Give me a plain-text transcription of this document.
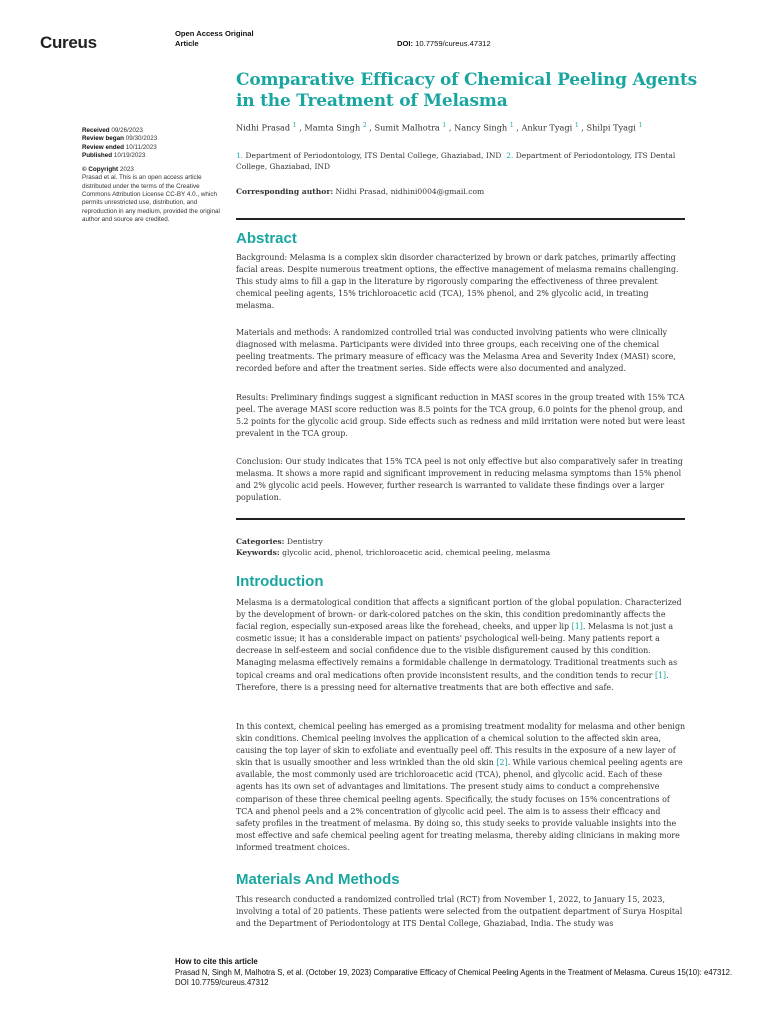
Cureus	Open Access Original
Article	DOI: 10.7759/cureus.47312
Comparative Efficacy of Chemical Peeling Agents in the Treatment of Melasma
Nidhi Prasad $^1$ , Mamta Singh $^2$ , Sumit Malhotra $^1$ , Nancy Singh $^1$ , Ankur Tyagi $^1$ , Shilpi Tyagi $^1$
1. Department of Periodontology, ITS Dental College, Ghaziabad, IND 2. Department of Periodontology, ITS Dental College, Ghaziabad, IND
Corresponding author: Nidhi Prasad, nidhini0004@gmail.com
Received 09/26/2023
Review began 09/30/2023
Review ended 10/11/2023
Published 10/19/2023
© Copyright 2023
Prasad et al. This is an open access article distributed under the terms of the Creative Commons Attribution License CC-BY 4.0., which permits unrestricted use, distribution, and reproduction in any medium, provided the original author and source are credited.
Abstract
Background: Melasma is a complex skin disorder characterized by brown or dark patches, primarily affecting facial areas. Despite numerous treatment options, the effective management of melasma remains challenging. This study aims to fill a gap in the literature by rigorously comparing the effectiveness of three prevalent chemical peeling agents, 15% trichloroacetic acid (TCA), 15% phenol, and 2% glycolic acid, in treating melasma.
Materials and methods: A randomized controlled trial was conducted involving patients who were clinically diagnosed with melasma. Participants were divided into three groups, each receiving one of the chemical peeling treatments. The primary measure of efficacy was the Melasma Area and Severity Index (MASI) score, recorded before and after the treatment series. Side effects were also documented and analyzed.
Results: Preliminary findings suggest a significant reduction in MASI scores in the group treated with 15% TCA peel. The average MASI score reduction was 8.5 points for the TCA group, 6.0 points for the phenol group, and 5.2 points for the glycolic acid group. Side effects such as redness and mild irritation were noted but were least prevalent in the TCA group.
Conclusion: Our study indicates that 15% TCA peel is not only effective but also comparatively safer in treating melasma. It shows a more rapid and significant improvement in reducing melasma symptoms than 15% phenol and 2% glycolic acid peels. However, further research is warranted to validate these findings over a larger population.
Categories: Dentistry
Keywords: glycolic acid, phenol, trichloroacetic acid, chemical peeling, melasma
Introduction
Melasma is a dermatological condition that affects a significant portion of the global population. Characterized by the development of brown- or dark-colored patches on the skin, this condition predominantly affects the facial region, especially sun-exposed areas like the forehead, cheeks, and upper lip [1]. Melasma is not just a cosmetic issue; it has a considerable impact on patients' psychological well-being. Many patients report a decrease in self-esteem and social confidence due to the visible disfigurement caused by this condition. Managing melasma effectively remains a formidable challenge in dermatology. Traditional treatments such as topical creams and oral medications often provide inconsistent results, and the condition tends to recur [1]. Therefore, there is a pressing need for alternative treatments that are both effective and safe.
In this context, chemical peeling has emerged as a promising treatment modality for melasma and other benign skin conditions. Chemical peeling involves the application of a chemical solution to the affected skin area, causing the top layer of skin to exfoliate and eventually peel off. This results in the exposure of a new layer of skin that is usually smoother and less wrinkled than the old skin [2]. While various chemical peeling agents are available, the most commonly used are trichloroacetic acid (TCA), phenol, and glycolic acid. Each of these agents has its own set of advantages and limitations. The present study aims to conduct a comprehensive comparison of these three chemical peeling agents. Specifically, the study focuses on 15% concentrations of TCA and phenol peels and a 2% concentration of glycolic acid peel. The aim is to assess their efficacy and safety profiles in the treatment of melasma. By doing so, this study seeks to provide valuable insights into the most effective and safe chemical peeling agent for treating melasma, thereby aiding clinicians in making more informed treatment choices.
Materials And Methods
This research conducted a randomized controlled trial (RCT) from November 1, 2022, to January 15, 2023, involving a total of 20 patients. These patients were selected from the outpatient department of Surya Hospital and the Department of Periodontology at ITS Dental College, Ghaziabad, India. The study was
How to cite this article
Prasad N, Singh M, Malhotra S, et al. (October 19, 2023) Comparative Efficacy of Chemical Peeling Agents in the Treatment of Melasma. Cureus 15(10): e47312. DOI 10.7759/cureus.47312
